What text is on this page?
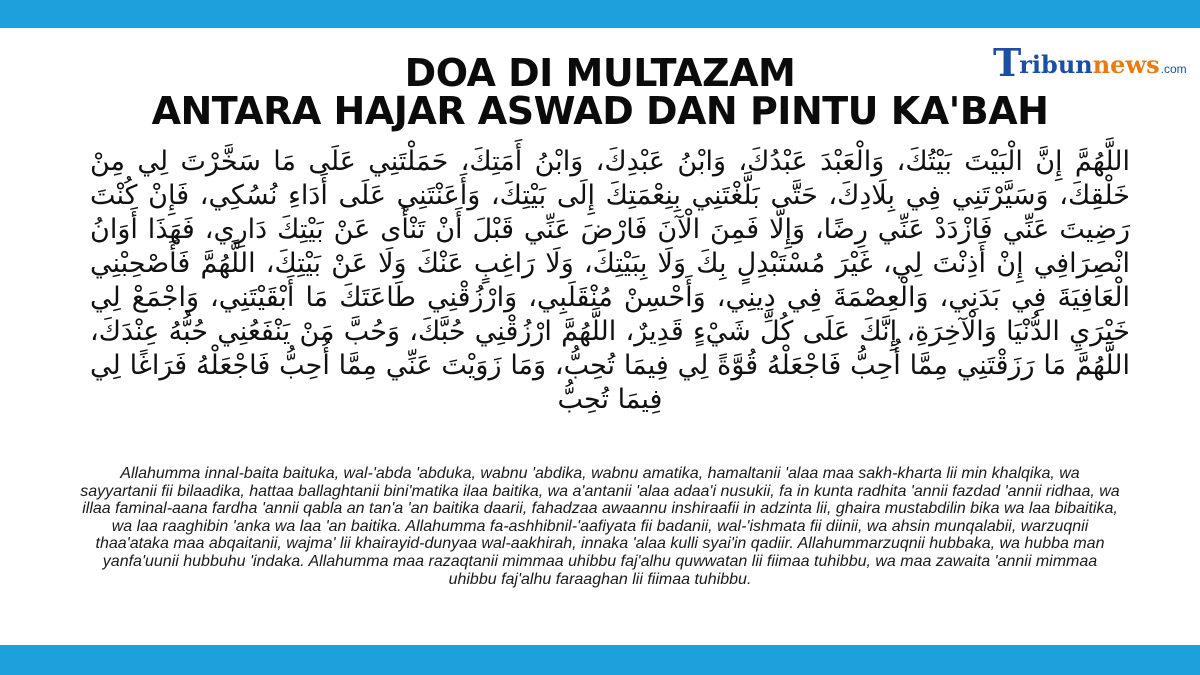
Tribunnews.com
DOA DI MULTAZAM
ANTARA HAJAR ASWAD DAN PINTU KA'BAH
اللَّهُمَّ إِنَّ الْبَيْتَ بَيْتُكَ، وَالْعَبْدَ عَبْدُكَ، وَابْنُ عَبْدِكَ، وَابْنُ أَمَتِكَ، حَمَلْتَنِي عَلَى مَا سَخَّرْتَ لِي مِنْ خَلْقِكَ، وَسَيَّرْتَنِي فِي بِلَادِكَ، حَتَّى بَلَّغْتَنِي بِنِعْمَتِكَ إِلَى بَيْتِكَ، وَأَعَنْتَنِي عَلَى أَدَاءِ نُسُكِي، فَإِنْ كُنْتَ رَضِيتَ عَنِّي فَازْدَدْ عَنِّي رِضًا، وَإِلَّا فَمِنَ الْآنَ فَارْضَ عَنِّي قَبْلَ أَنْ تَنْأَى عَنْ بَيْتِكَ دَارِي، فَهَذَا أَوَانُ انْصِرَافِي إِنْ أَذِنْتَ لِي، غَيْرَ مُسْتَبْدِلٍ بِكَ وَلَا بِبَيْتِكَ، وَلَا رَاغِبٍ عَنْكَ وَلَا عَنْ بَيْتِكَ، اللَّهُمَّ فَأَصْحِبْنِي الْعَافِيَةَ فِي بَدَنِي، وَالْعِصْمَةَ فِي دِينِي، وَأَحْسِنْ مُنْقَلَبِي، وَارْزُقْنِي طَاعَتَكَ مَا أَبْقَيْتَنِي، وَاجْمَعْ لِي خَيْرَيِ الدُّنْيَا وَالْآخِرَةِ، إِنَّكَ عَلَى كُلِّ شَيْءٍ قَدِيرٌ، اللَّهُمَّ ارْزُقْنِي حُبَّكَ، وَحُبَّ مَنْ يَنْفَعُنِي حُبُّهُ عِنْدَكَ، اللَّهُمَّ مَا رَزَقْتَنِي مِمَّا أُحِبُّ فَاجْعَلْهُ قُوَّةً لِي فِيمَا تُحِبُّ، وَمَا زَوَيْتَ عَنِّي مِمَّا أُحِبُّ فَاجْعَلْهُ فَرَاغًا لِي فِيمَا تُحِبُّ
Allahumma innal-baita baituka, wal-'abda 'abduka, wabnu 'abdika, wabnu amatika, hamaltanii 'alaa maa sakh-kharta lii min khalqika, wa sayyartanii fii bilaadika, hattaa ballaghtanii bini'matika ilaa baitika, wa a'antanii 'alaa adaa'i nusukii, fa in kunta radhita 'annii fazdad 'annii ridhaa, wa illaa faminal-aana fardha 'annii qabla an tan'a 'an baitika daarii, fahadzaa awaannu inshiraafii in adzinta lii, ghaira mustabdilin bika wa laa bibaitika, wa laa raaghibin 'anka wa laa 'an baitika. Allahumma fa-ashhibnil-'aafiyata fii badanii, wal-'ishmata fii diinii, wa ahsin munqalabii, warzuqnii thaa'ataka maa abqaitanii, wajma' lii khairayid-dunyaa wal-aakhirah, innaka 'alaa kulli syai'in qadiir. Allahummarzuqnii hubbaka, wa hubba man yanfa'uunii hubbuhu 'indaka. Allahumma maa razaqtanii mimmaa uhibbu faj'alhu quwwatan lii fiimaa tuhibbu, wa maa zawaita 'annii mimmaa uhibbu faj'alhu faraaghan lii fiimaa tuhibbu.
